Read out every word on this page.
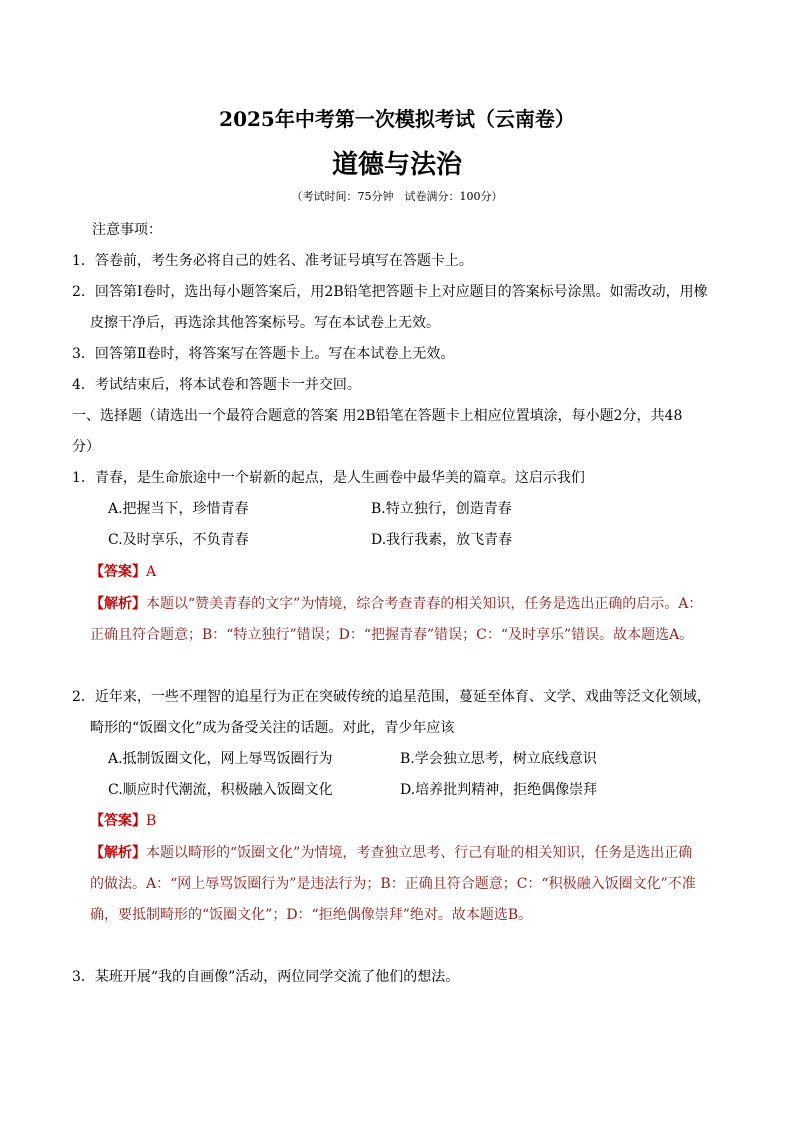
2025年中考第一次模拟考试（云南卷）
道德与法治
（考试时间：75分钟　试卷满分：100分）
注意事项：
1．答卷前，考生务必将自己的姓名、准考证号填写在答题卡上。
2．回答第Ⅰ卷时，选出每小题答案后，用2B铅笔把答题卡上对应题目的答案标号涂黑。如需改动，用橡
皮擦干净后，再选涂其他答案标号。写在本试卷上无效。
3．回答第Ⅱ卷时，将答案写在答题卡上。写在本试卷上无效。
4．考试结束后，将本试卷和答题卡一并交回。
一、选择题（请选出一个最符合题意的答案 用2B铅笔在答题卡上相应位置填涂，每小题2分，共48
分）
1．青春，是生命旅途中一个崭新的起点，是人生画卷中最华美的篇章。这启示我们
A.把握当下，珍惜青春	B.特立独行，创造青春
C.及时享乐，不负青春	D.我行我素，放飞青春
【答案】A
【解析】本题以“赞美青春的文字”为情境，综合考查青春的相关知识，任务是选出正确的启示。A：
正确且符合题意；B：“特立独行”错误；D：“把握青春”错误；C：“及时享乐”错误。故本题选A。
2．近年来，一些不理智的追星行为正在突破传统的追星范围，蔓延至体育、文学、戏曲等泛文化领域，
畸形的“饭圈文化”成为备受关注的话题。对此，青少年应该
A.抵制饭圈文化，网上辱骂饭圈行为	B.学会独立思考，树立底线意识
C.顺应时代潮流，积极融入饭圈文化	D.培养批判精神，拒绝偶像崇拜
【答案】B
【解析】本题以畸形的“饭圈文化”为情境，考查独立思考、行己有耻的相关知识，任务是选出正确
的做法。A：“网上辱骂饭圈行为”是违法行为；B：正确且符合题意；C：“积极融入饭圈文化”不准
确，要抵制畸形的“饭圈文化”；D：“拒绝偶像崇拜”绝对。故本题选B。
3．某班开展“我的自画像”活动，两位同学交流了他们的想法。
